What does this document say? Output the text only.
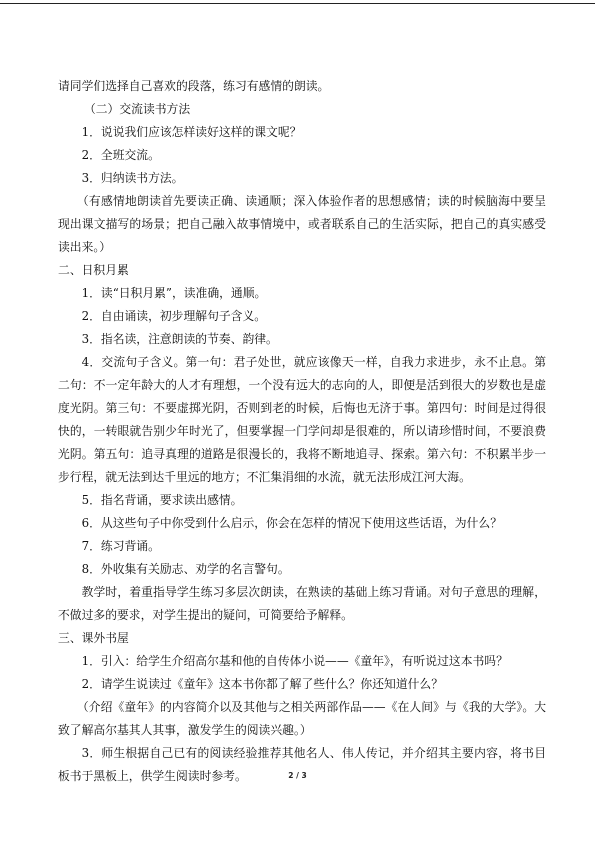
请同学们选择自己喜欢的段落，练习有感情的朗读。

（二）交流读书方法

1．说说我们应该怎样读好这样的课文呢？

2．全班交流。

3．归纳读书方法。

（有感情地朗读首先要读正确、读通顺；深入体验作者的思想感情；读的时候脑海中要呈现出课文描写的场景；把自己融入故事情境中，或者联系自己的生活实际，把自己的真实感受读出来。）

二、日积月累

1．读“日积月累”，读准确，通顺。

2．自由诵读，初步理解句子含义。

3．指名读，注意朗读的节奏、韵律。

4．交流句子含义。第一句：君子处世，就应该像天一样，自我力求进步，永不止息。第二句：不一定年龄大的人才有理想，一个没有远大的志向的人，即便是活到很大的岁数也是虚度光阴。第三句：不要虚掷光阴，否则到老的时候，后悔也无济于事。第四句：时间是过得很快的，一转眼就告别少年时光了，但要掌握一门学问却是很难的，所以请珍惜时间，不要浪费光阴。第五句：追寻真理的道路是很漫长的，我将不断地追寻、探索。第六句：不积累半步一步行程，就无法到达千里远的地方；不汇集涓细的水流，就无法形成江河大海。

5．指名背诵，要求读出感情。

6．从这些句子中你受到什么启示，你会在怎样的情况下使用这些话语，为什么？

7．练习背诵。

8．外收集有关励志、劝学的名言警句。

教学时，着重指导学生练习多层次朗读，在熟读的基础上练习背诵。对句子意思的理解，不做过多的要求，对学生提出的疑问，可简要给予解释。

三、课外书屋

1．引入：给学生介绍高尔基和他的自传体小说——《童年》，有听说过这本书吗？

2．请学生说读过《童年》这本书你都了解了些什么？你还知道什么？

（介绍《童年》的内容简介以及其他与之相关两部作品——《在人间》与《我的大学》。大致了解高尔基其人其事，激发学生的阅读兴趣。）

3．师生根据自己已有的阅读经验推荐其他名人、伟人传记，并介绍其主要内容，将书目板书于黑板上，供学生阅读时参考。	2 / 3
